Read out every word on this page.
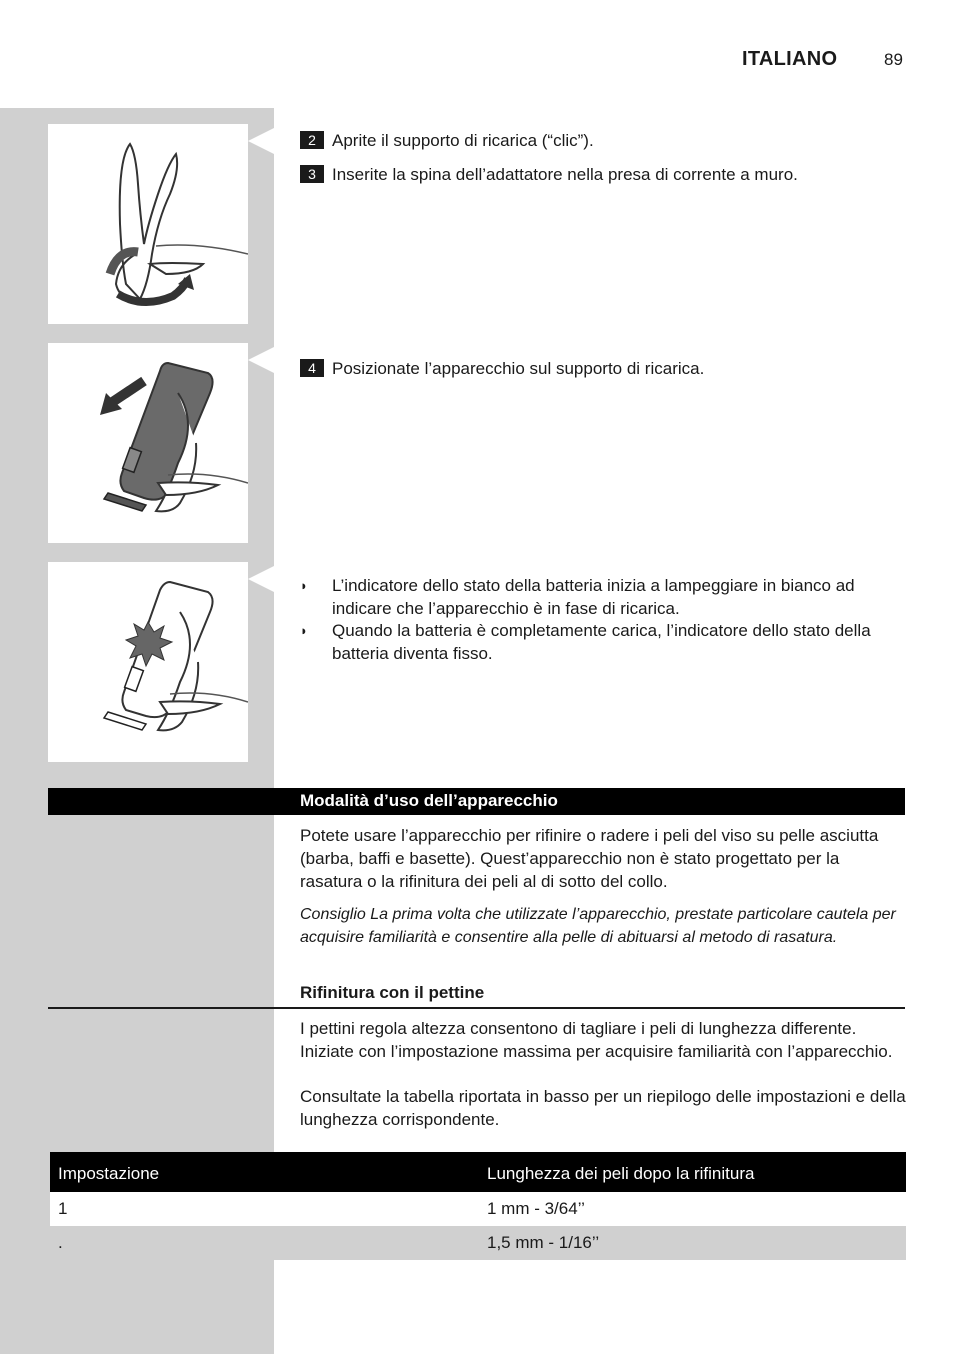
ITALIANO	89
2 Aprite il supporto di ricarica (“clic”).
3 Inserite la spina dell’adattatore nella presa di corrente a muro.
4 Posizionate l’apparecchio sul supporto di ricarica.
◗	L’indicatore dello stato della batteria inizia a lampeggiare in bianco ad indicare che l’apparecchio è in fase di ricarica.
◗	Quando la batteria è completamente carica, l’indicatore dello stato della batteria diventa fisso.
Modalità d’uso dell’apparecchio
Potete usare l’apparecchio per rifinire o radere i peli del viso su pelle asciutta (barba, baffi e basette). Quest’apparecchio non è stato progettato per la rasatura o la rifinitura dei peli al di sotto del collo.
Consiglio La prima volta che utilizzate l’apparecchio, prestate particolare cautela per acquisire familiarità e consentire alla pelle di abituarsi al metodo di rasatura.
Rifinitura con il pettine
I pettini regola altezza consentono di tagliare i peli di lunghezza differente. Iniziate con l’impostazione massima per acquisire familiarità con l’apparecchio.
Consultate la tabella riportata in basso per un riepilogo delle impostazioni e della lunghezza corrispondente.
Impostazione	Lunghezza dei peli dopo la rifinitura
1	1 mm - 3/64’’
.	1,5 mm - 1/16’’
